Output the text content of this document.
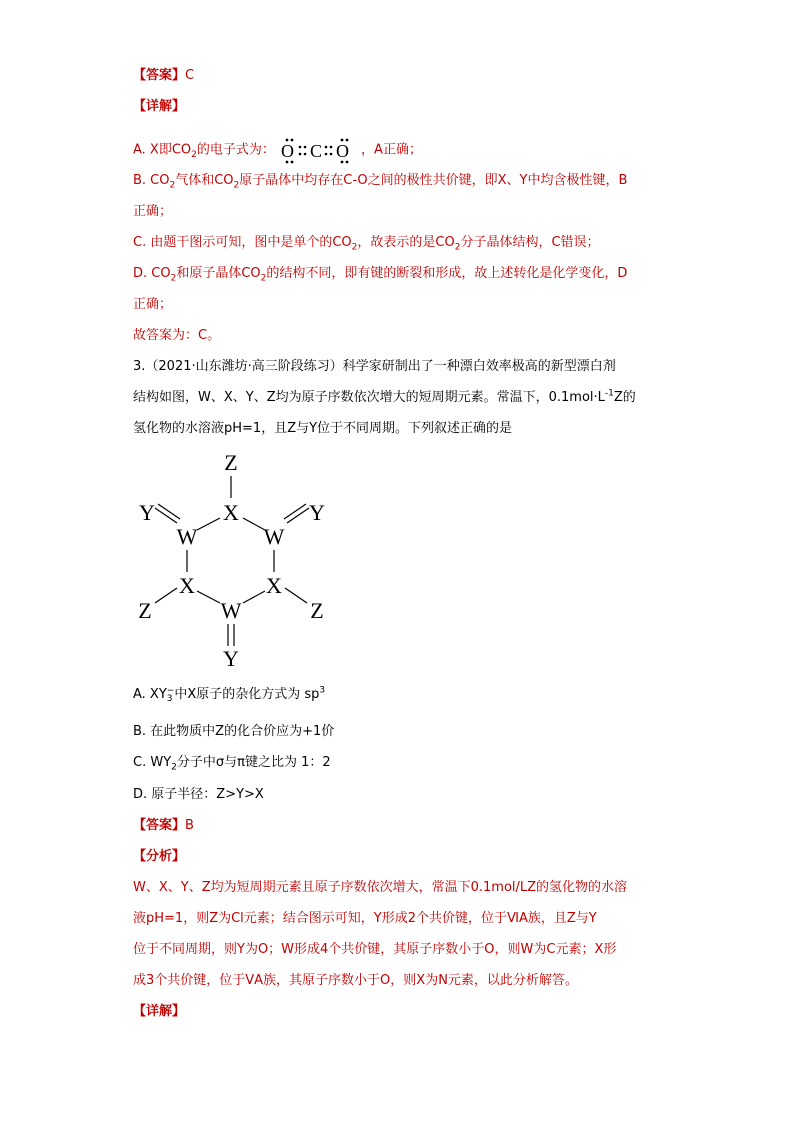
【答案】C
【详解】
A. X即$CO_2$的电子式为： O C O ，A正确；
B. $CO_2$气体和$CO_2$原子晶体中均存在C-O之间的极性共价键，即X、Y中均含极性键，B
正确；
C. 由题干图示可知，图中是单个的$CO_2$，故表示的是$CO_2$分子晶体结构，C错误；
D. $CO_2$和原子晶体$CO_2$的结构不同，即有键的断裂和形成，故上述转化是化学变化，D
正确；
故答案为：C。
3.（2021·山东潍坊·高三阶段练习）科学家研制出了一种漂白效率极高的新型漂白剂
结构如图，W、X、Y、Z均为原子序数依次增大的短周期元素。常温下，$0.1mol\cdot L^{-1}Z$的
氢化物的水溶液pH=1，且Z与Y位于不同周期。下列叙述正确的是
Z
X
Y	Y
W	W
X	X
W
Y
Z	Z
A. XY −
3 中X原子的杂化方式为 $sp^3$
B. 在此物质中Z的化合价应为+1价
C. $WY_2$分子中σ与π键之比为 1：2
D. 原子半径：Z>Y>X
【答案】B
【分析】
W、X、Y、Z均为短周期元素且原子序数依次增大，常温下0.1mol/LZ的氢化物的水溶
液pH=1，则Z为Cl元素；结合图示可知，Y形成2个共价键，位于ⅥA族，且Z与Y
位于不同周期，则Y为O；W形成4个共价键，其原子序数小于O，则W为C元素；X形
成3个共价键，位于ⅤA族，其原子序数小于O，则X为N元素，以此分析解答。
【详解】
